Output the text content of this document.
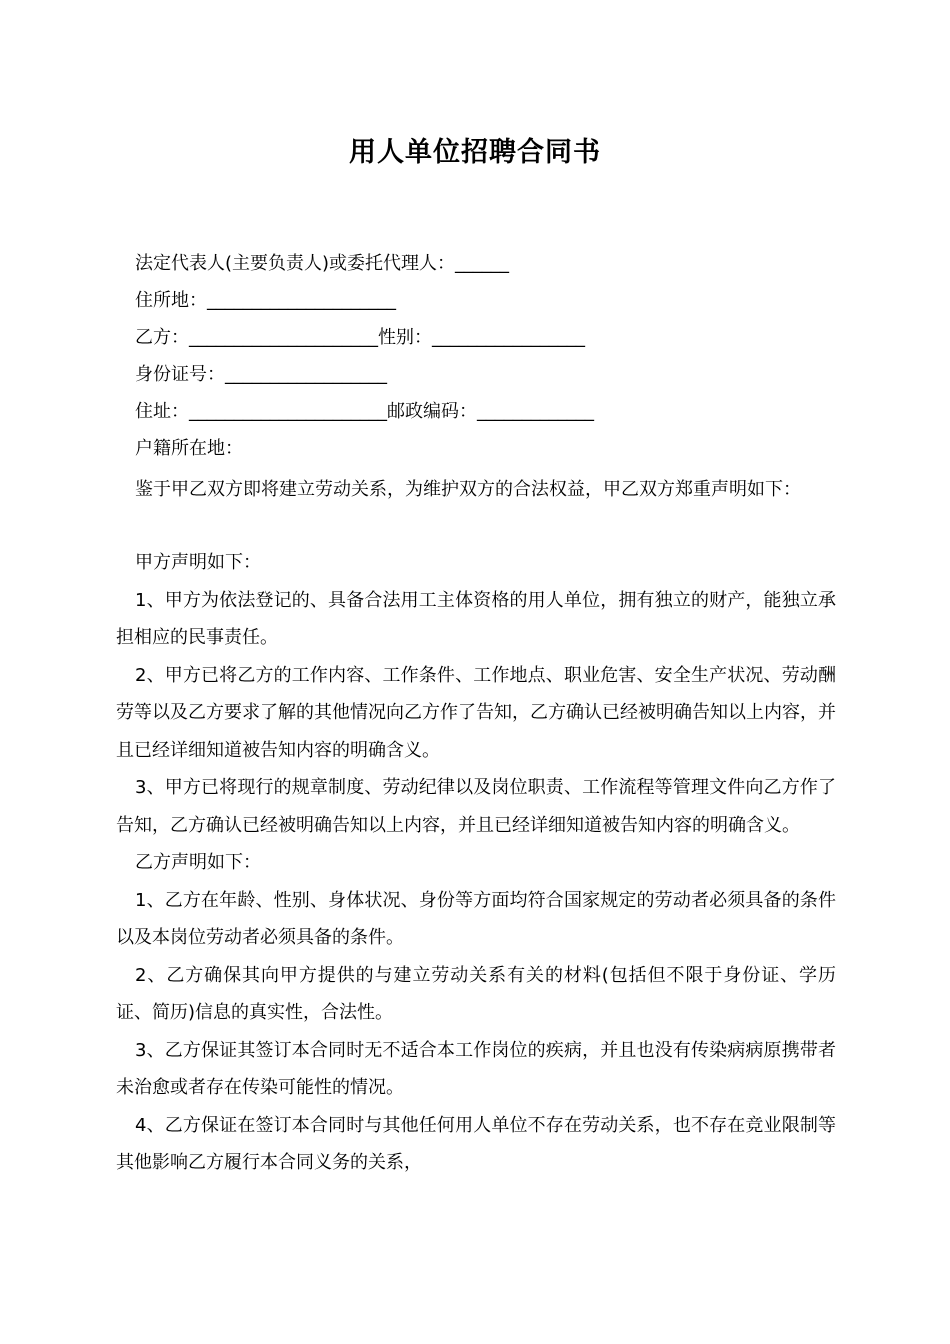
用人单位招聘合同书
法定代表人(主要负责人)或委托代理人：______
住所地：_____________________
乙方：_____________________性别：_________________
身份证号：__________________
住址：______________________邮政编码：_____________
户籍所在地：
鉴于甲乙双方即将建立劳动关系，为维护双方的合法权益，甲乙双方郑重声明如下：

甲方声明如下：

1、甲方为依法登记的、具备合法用工主体资格的用人单位，拥有独立的财产，能独立承担相应的民事责任。

2、甲方已将乙方的工作内容、工作条件、工作地点、职业危害、安全生产状况、劳动酬劳等以及乙方要求了解的其他情况向乙方作了告知，乙方确认已经被明确告知以上内容，并且已经详细知道被告知内容的明确含义。

3、甲方已将现行的规章制度、劳动纪律以及岗位职责、工作流程等管理文件向乙方作了告知，乙方确认已经被明确告知以上内容，并且已经详细知道被告知内容的明确含义。

乙方声明如下：

1、乙方在年龄、性别、身体状况、身份等方面均符合国家规定的劳动者必须具备的条件以及本岗位劳动者必须具备的条件。

2、乙方确保其向甲方提供的与建立劳动关系有关的材料(包括但不限于身份证、学历证、简历)信息的真实性，合法性。

3、乙方保证其签订本合同时无不适合本工作岗位的疾病，并且也没有传染病病原携带者未治愈或者存在传染可能性的情况。

4、乙方保证在签订本合同时与其他任何用人单位不存在劳动关系，也不存在竞业限制等其他影响乙方履行本合同义务的关系，
